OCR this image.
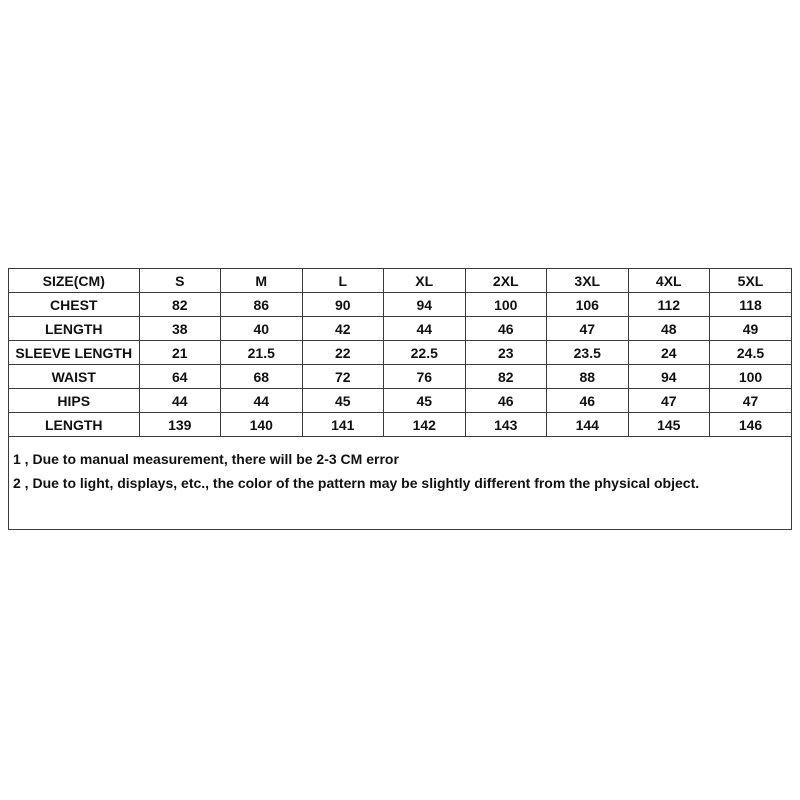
SIZE(CM)	S	M	L	XL	2XL	3XL	4XL	5XL
CHEST	82	86	90	94	100	106	112	118
LENGTH	38	40	42	44	46	47	48	49
SLEEVE LENGTH	21	21.5	22	22.5	23	23.5	24	24.5
WAIST	64	68	72	76	82	88	94	100
HIPS	44	44	45	45	46	46	47	47
LENGTH	139	140	141	142	143	144	145	146
1 , Due to manual measurement, there will be 2-3 CM error
2 , Due to light, displays, etc., the color of the pattern may be slightly different from the physical object.
